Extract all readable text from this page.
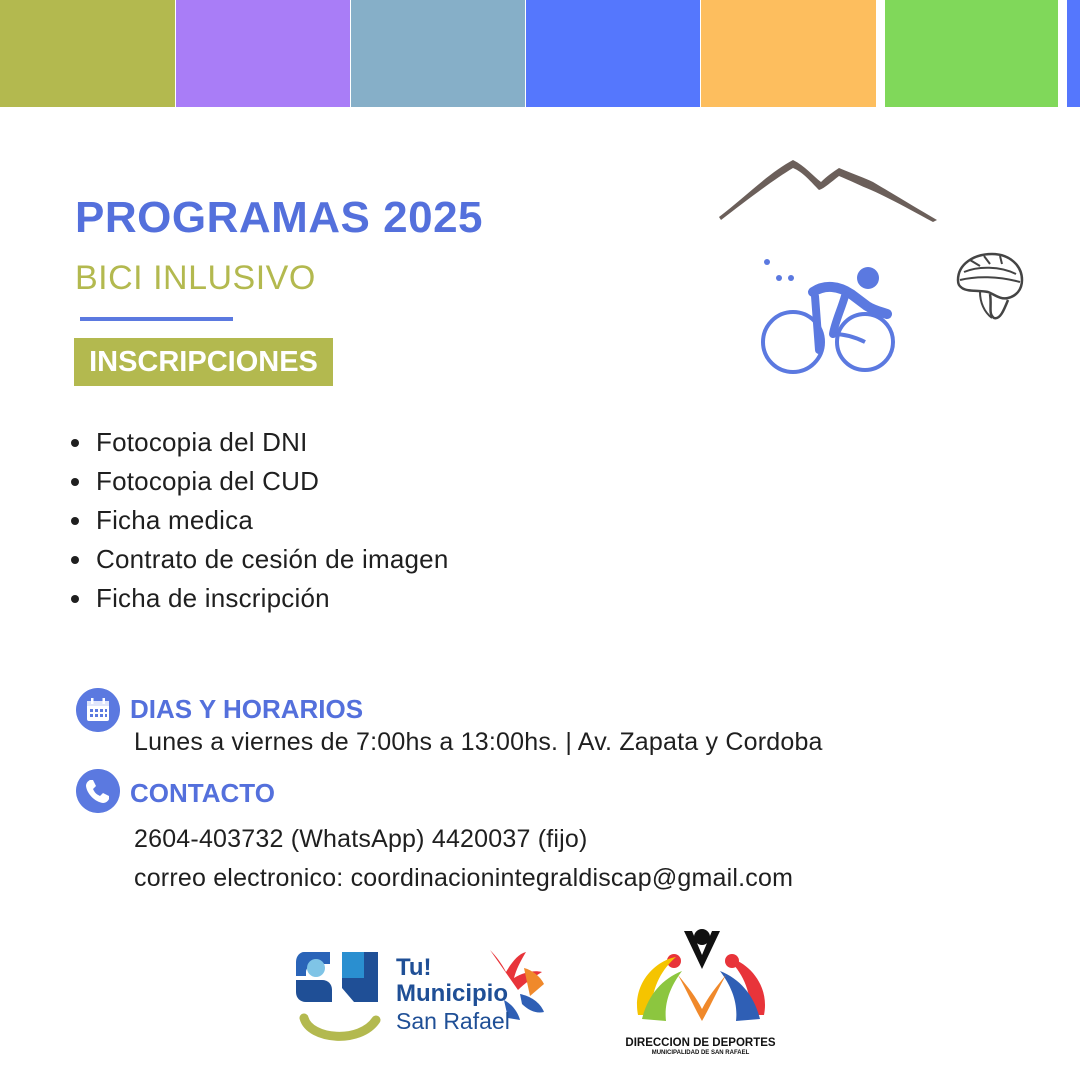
PROGRAMAS 2025
BICI INLUSIVO
INSCRIPCIONES
Fotocopia del DNI
Fotocopia del CUD
Ficha medica
Contrato de cesión de imagen
Ficha de inscripción
DIAS Y HORARIOS
Lunes a viernes de 7:00hs a 13:00hs. | Av. Zapata y Cordoba
CONTACTO
2604-403732 (WhatsApp) 4420037 (fijo)
correo electronico: coordinacionintegraldiscap@gmail.com
Tu!
Municipio
San Rafael
DIRECCION DE DEPORTES
MUNICIPALIDAD DE SAN RAFAEL
